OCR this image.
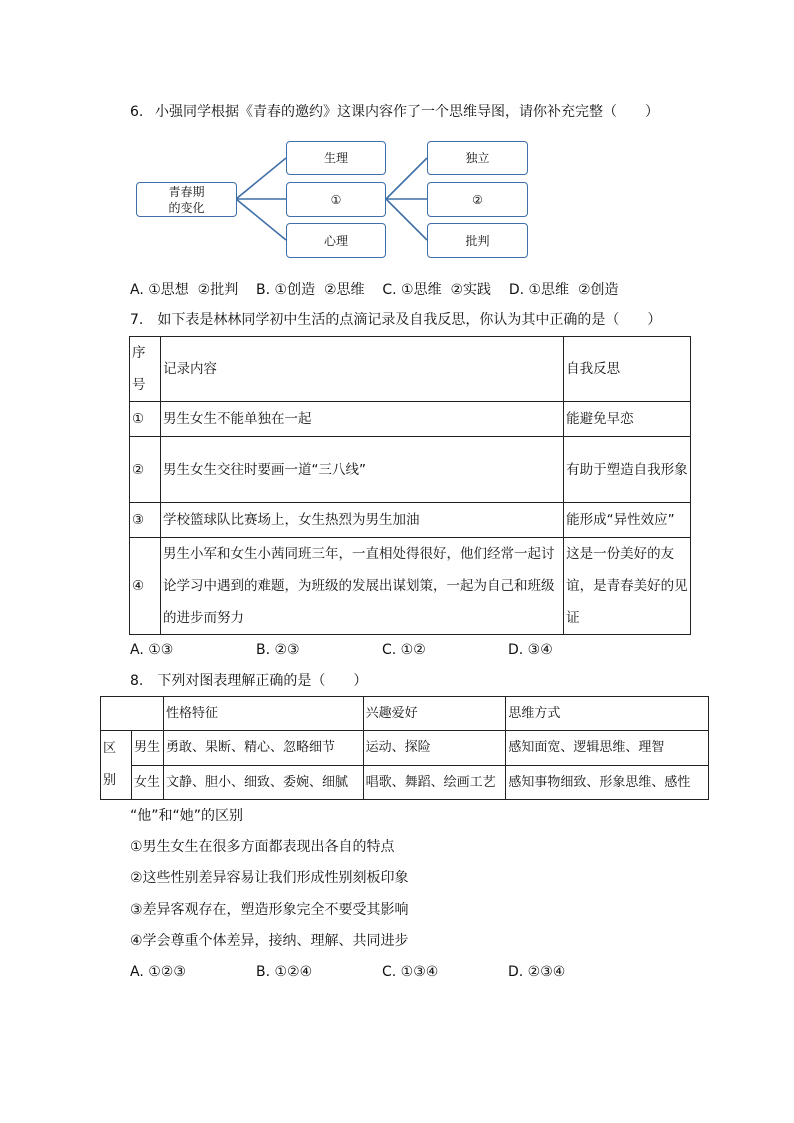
6. 小强同学根据《青春的邀约》这课内容作了一个思维导图，请你补充完整（　　）
青春期
的变化
生理
①
心理
独立
②
批判
A. ①思想  ②批判    B. ①创造  ②思维    C. ①思维  ②实践    D. ①思维  ②创造
7.　如下表是林林同学初中生活的点滴记录及自我反思，你认为其中正确的是（　　）
序号	记录内容	自我反思
①	男生女生不能单独在一起	能避免早恋
②	男生女生交往时要画一道“三八线”	有助于塑造自我形象
③	学校篮球队比赛场上，女生热烈为男生加油	能形成“异性效应”
④	男生小军和女生小茜同班三年，一直相处得很好，他们经常一起讨论学习中遇到的难题，为班级的发展出谋划策，一起为自己和班级的进步而努力	这是一份美好的友谊，是青春美好的见证
A. ①③	B. ②③	C. ①②	D. ③④
8.　下列对图表理解正确的是（　　）
		性格特征	兴趣爱好	思维方式
区别	男生	勇敢、果断、精心、忽略细节	运动、探险	感知面宽、逻辑思维、理智
	女生	文静、胆小、细致、委婉、细腻	唱歌、舞蹈、绘画工艺	感知事物细致、形象思维、感性
“他”和“她”的区别
①男生女生在很多方面都表现出各自的特点
②这些性别差异容易让我们形成性别刻板印象
③差异客观存在，塑造形象完全不要受其影响
④学会尊重个体差异，接纳、理解、共同进步
A. ①②③	B. ①②④	C. ①③④	D. ②③④
